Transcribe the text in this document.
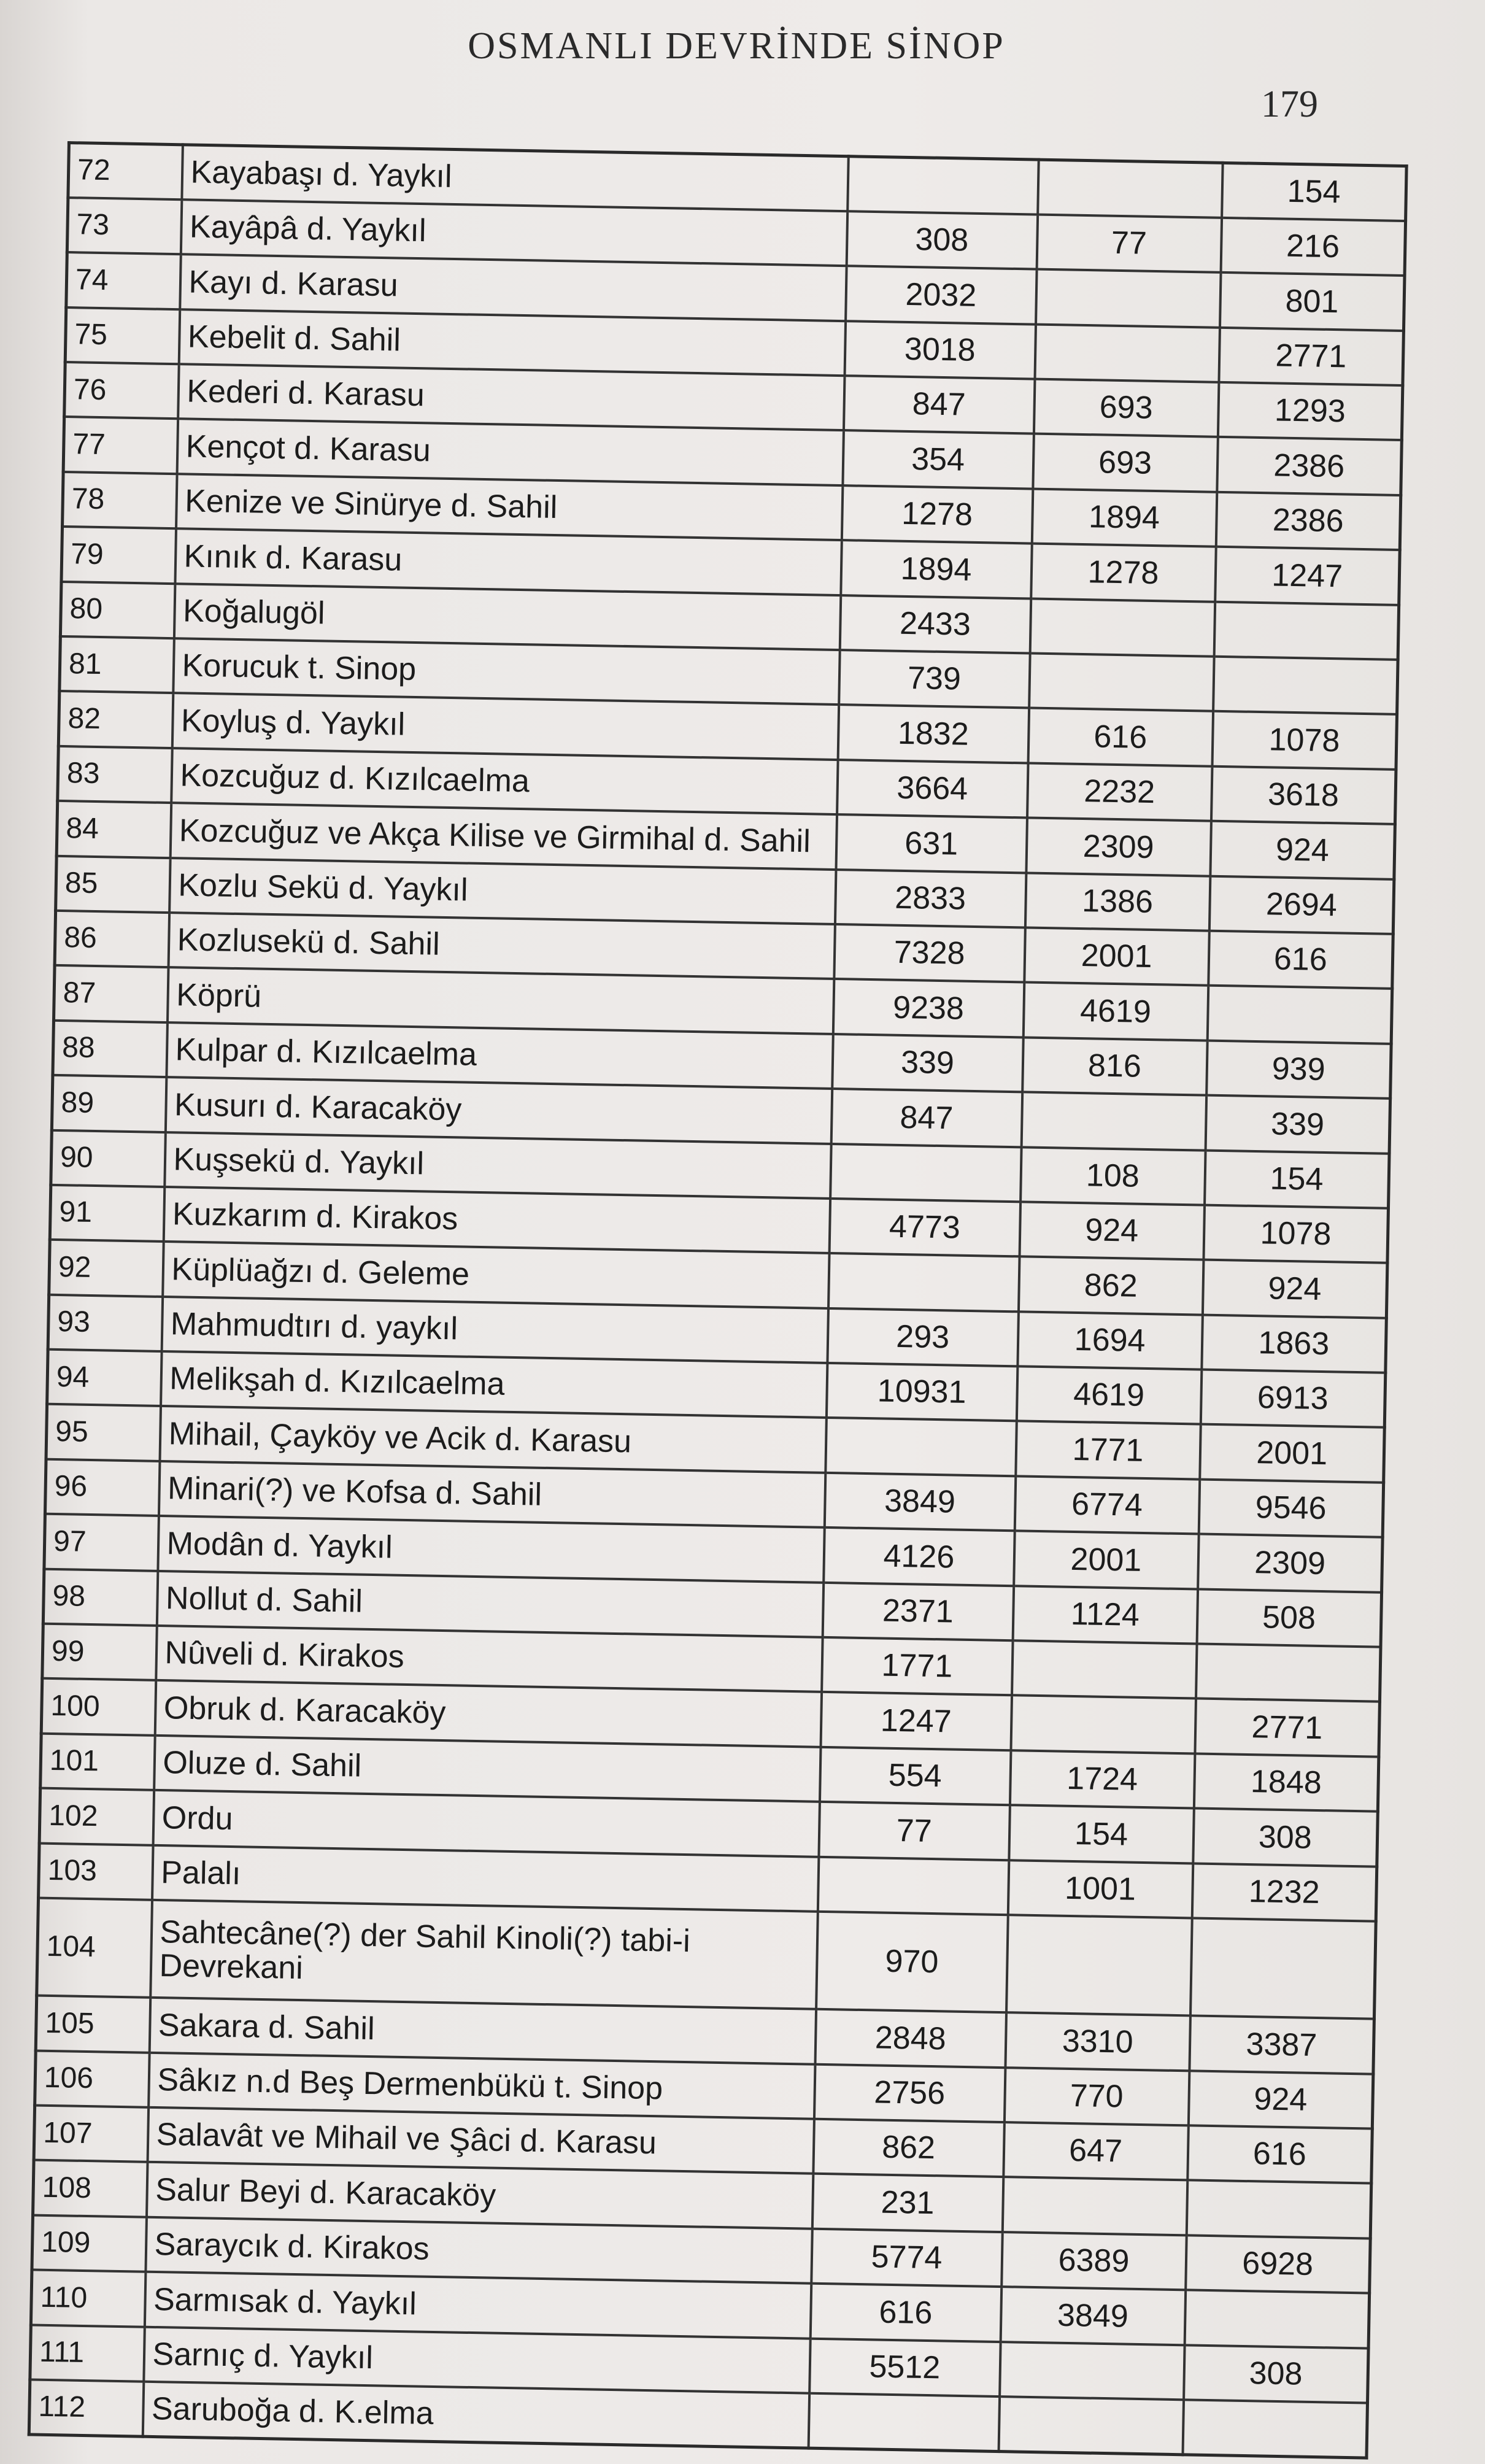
OSMANLI DEVRİNDE SİNOP
179
72	Kayabaşı d. Yaykıl			154
73	Kayâpâ d. Yaykıl	308	77	216
74	Kayı d. Karasu	2032		801
75	Kebelit d. Sahil	3018		2771
76	Kederi d. Karasu	847	693	1293
77	Kençot d. Karasu	354	693	2386
78	Kenize ve Sinürye d. Sahil	1278	1894	2386
79	Kınık d. Karasu	1894	1278	1247
80	Koğalugöl	2433		
81	Korucuk t. Sinop	739		
82	Koyluş d. Yaykıl	1832	616	1078
83	Kozcuğuz d. Kızılcaelma	3664	2232	3618
84	Kozcuğuz ve Akça Kilise ve Girmihal d. Sahil	631	2309	924
85	Kozlu Sekü d. Yaykıl	2833	1386	2694
86	Kozlusekü d. Sahil	7328	2001	616
87	Köprü	9238	4619	
88	Kulpar d. Kızılcaelma	339	816	939
89	Kusurı d. Karacaköy	847		339
90	Kuşsekü d. Yaykıl		108	154
91	Kuzkarım d. Kirakos	4773	924	1078
92	Küplüağzı d. Geleme		862	924
93	Mahmudtırı d. yaykıl	293	1694	1863
94	Melikşah d. Kızılcaelma	10931	4619	6913
95	Mihail, Çayköy ve Acik d. Karasu		1771	2001
96	Minari(?) ve Kofsa d. Sahil	3849	6774	9546
97	Modân d. Yaykıl	4126	2001	2309
98	Nollut d. Sahil	2371	1124	508
99	Nûveli d. Kirakos	1771		
100	Obruk d. Karacaköy	1247		2771
101	Oluze d. Sahil	554	1724	1848
102	Ordu	77	154	308
103	Palalı		1001	1232
104	Sahtecâne(?) der Sahil Kinoli(?) tabi-i Devrekani	970		
105	Sakara d. Sahil	2848	3310	3387
106	Sâkız n.d Beş Dermenbükü t. Sinop	2756	770	924
107	Salavât ve Mihail ve Şâci d. Karasu	862	647	616
108	Salur Beyi d. Karacaköy	231		
109	Saraycık d. Kirakos	5774	6389	6928
110	Sarmısak d. Yaykıl	616	3849	
111	Sarnıç d. Yaykıl	5512		308
112	Saruboğa d. K.elma			
